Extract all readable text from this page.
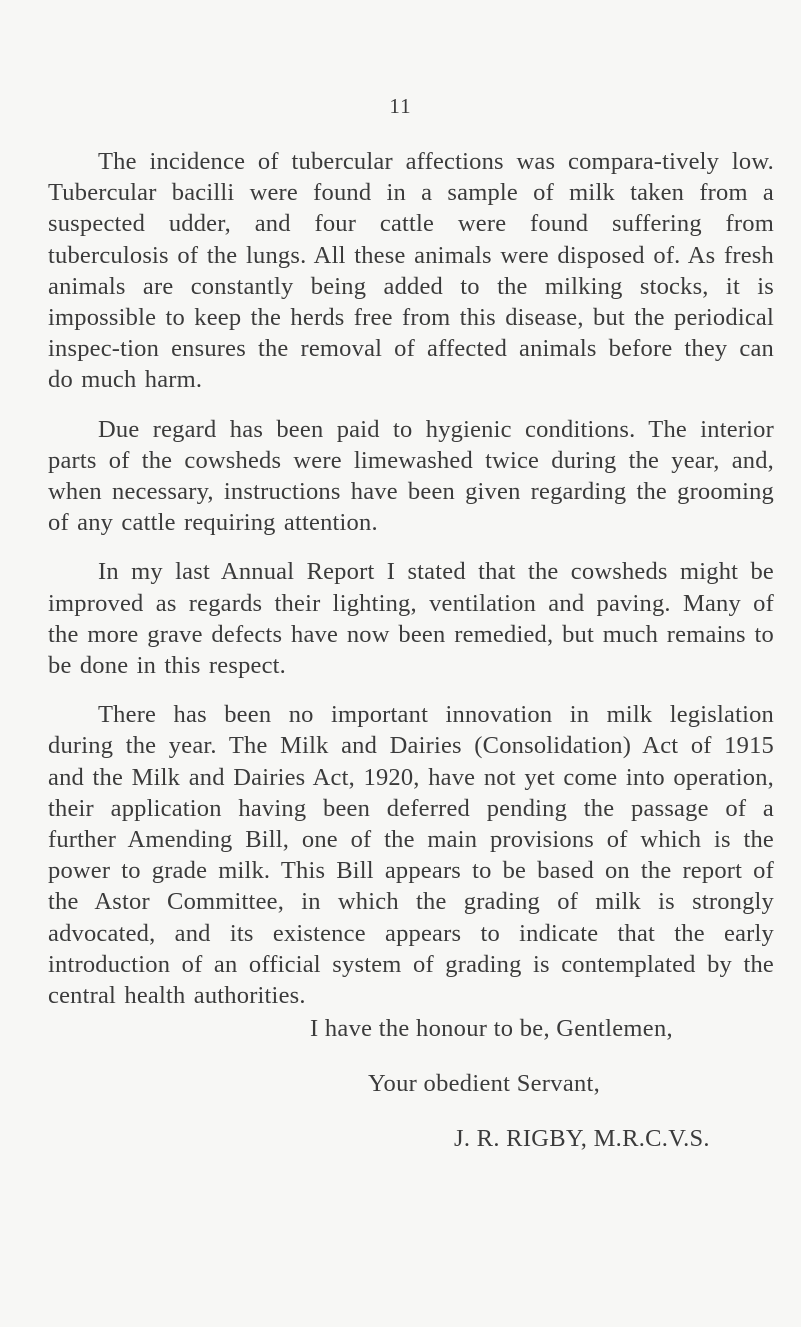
11

The incidence of tubercular affections was compara-tively low. Tubercular bacilli were found in a sample of milk taken from a suspected udder, and four cattle were found suffering from tuberculosis of the lungs. All these animals were disposed of. As fresh animals are constantly being added to the milking stocks, it is impossible to keep the herds free from this disease, but the periodical inspec-tion ensures the removal of affected animals before they can do much harm.

Due regard has been paid to hygienic conditions. The interior parts of the cowsheds were limewashed twice during the year, and, when necessary, instructions have been given regarding the grooming of any cattle requiring attention.

In my last Annual Report I stated that the cowsheds might be improved as regards their lighting, ventilation and paving. Many of the more grave defects have now been remedied, but much remains to be done in this respect.

There has been no important innovation in milk legislation during the year. The Milk and Dairies (Consolidation) Act of 1915 and the Milk and Dairies Act, 1920, have not yet come into operation, their application having been deferred pending the passage of a further Amending Bill, one of the main provisions of which is the power to grade milk. This Bill appears to be based on the report of the Astor Committee, in which the grading of milk is strongly advocated, and its existence appears to indicate that the early introduction of an official system of grading is contemplated by the central health authorities.

I have the honour to be, Gentlemen,
Your obedient Servant,
J. R. RIGBY, M.R.C.V.S.
